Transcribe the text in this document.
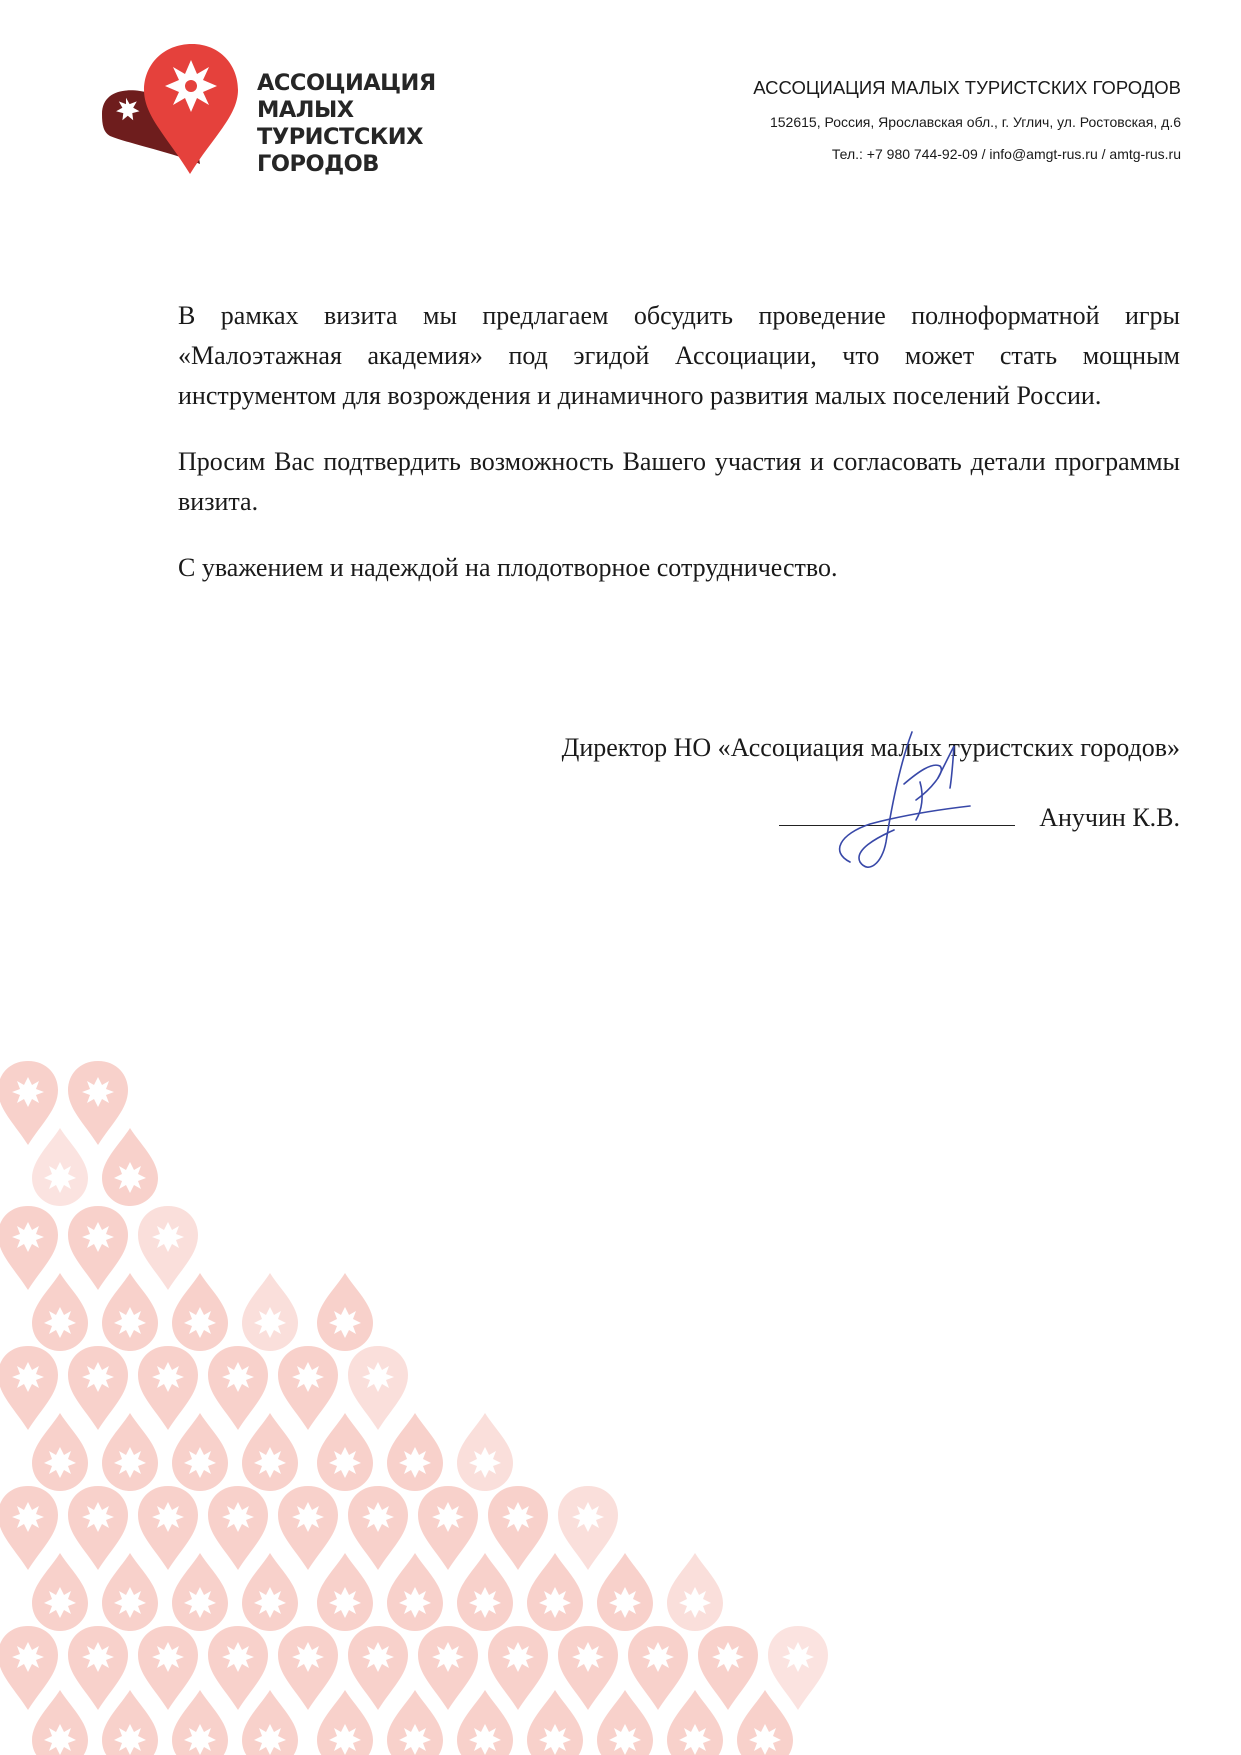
АССОЦИАЦИЯ
МАЛЫХ
ТУРИСТСКИХ
ГОРОДОВ
АССОЦИАЦИЯ МАЛЫХ ТУРИСТСКИХ ГОРОДОВ
152615, Россия, Ярославская обл., г. Углич, ул. Ростовская, д.6
Тел.: +7 980 744-92-09 / info@amgt-rus.ru / amtg-rus.ru

В рамках визита мы предлагаем обсудить проведение полноформатной игры «Малоэтажная академия» под эгидой Ассоциации, что может стать мощным инструментом для возрождения и динамичного развития малых поселений России.

Просим Вас подтвердить возможность Вашего участия и согласовать детали программы визита.

С уважением и надеждой на плодотворное сотрудничество.

Директор НО «Ассоциация малых туристских городов»
Анучин К.В.
